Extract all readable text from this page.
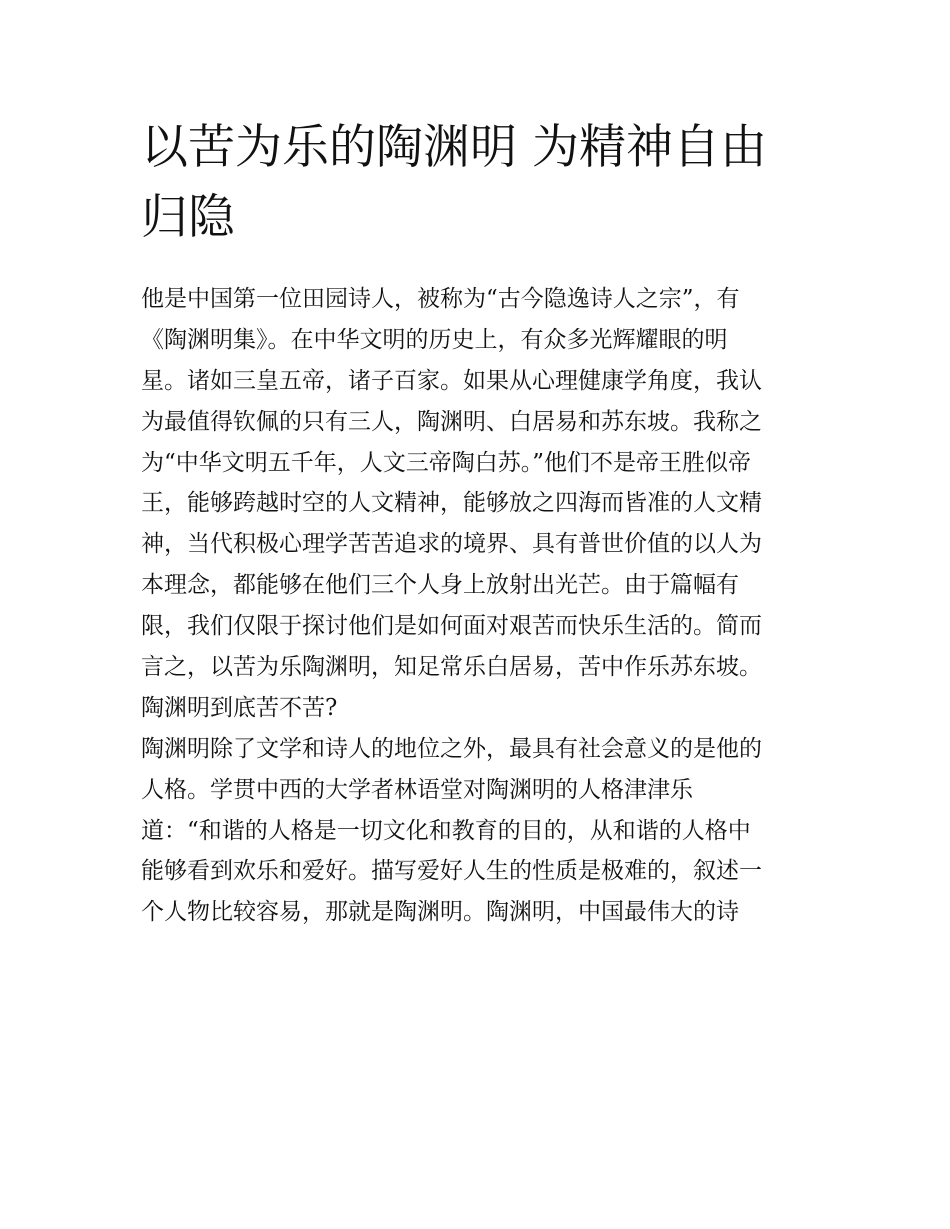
以苦为乐的陶渊明 为精神自由
归隐
他是中国第一位田园诗人，被称为“古今隐逸诗人之宗”，有
《陶渊明集》。在中华文明的历史上，有众多光辉耀眼的明
星。诸如三皇五帝，诸子百家。如果从心理健康学角度，我认
为最值得钦佩的只有三人，陶渊明、白居易和苏东坡。我称之
为“中华文明五千年，人文三帝陶白苏。”他们不是帝王胜似帝
王，能够跨越时空的人文精神，能够放之四海而皆准的人文精
神，当代积极心理学苦苦追求的境界、具有普世价值的以人为
本理念，都能够在他们三个人身上放射出光芒。由于篇幅有
限，我们仅限于探讨他们是如何面对艰苦而快乐生活的。简而
言之，以苦为乐陶渊明，知足常乐白居易，苦中作乐苏东坡。
陶渊明到底苦不苦?
陶渊明除了文学和诗人的地位之外，最具有社会意义的是他的
人格。学贯中西的大学者林语堂对陶渊明的人格津津乐
道：“和谐的人格是一切文化和教育的目的，从和谐的人格中
能够看到欢乐和爱好。描写爱好人生的性质是极难的，叙述一
个人物比较容易，那就是陶渊明。陶渊明，中国最伟大的诗
